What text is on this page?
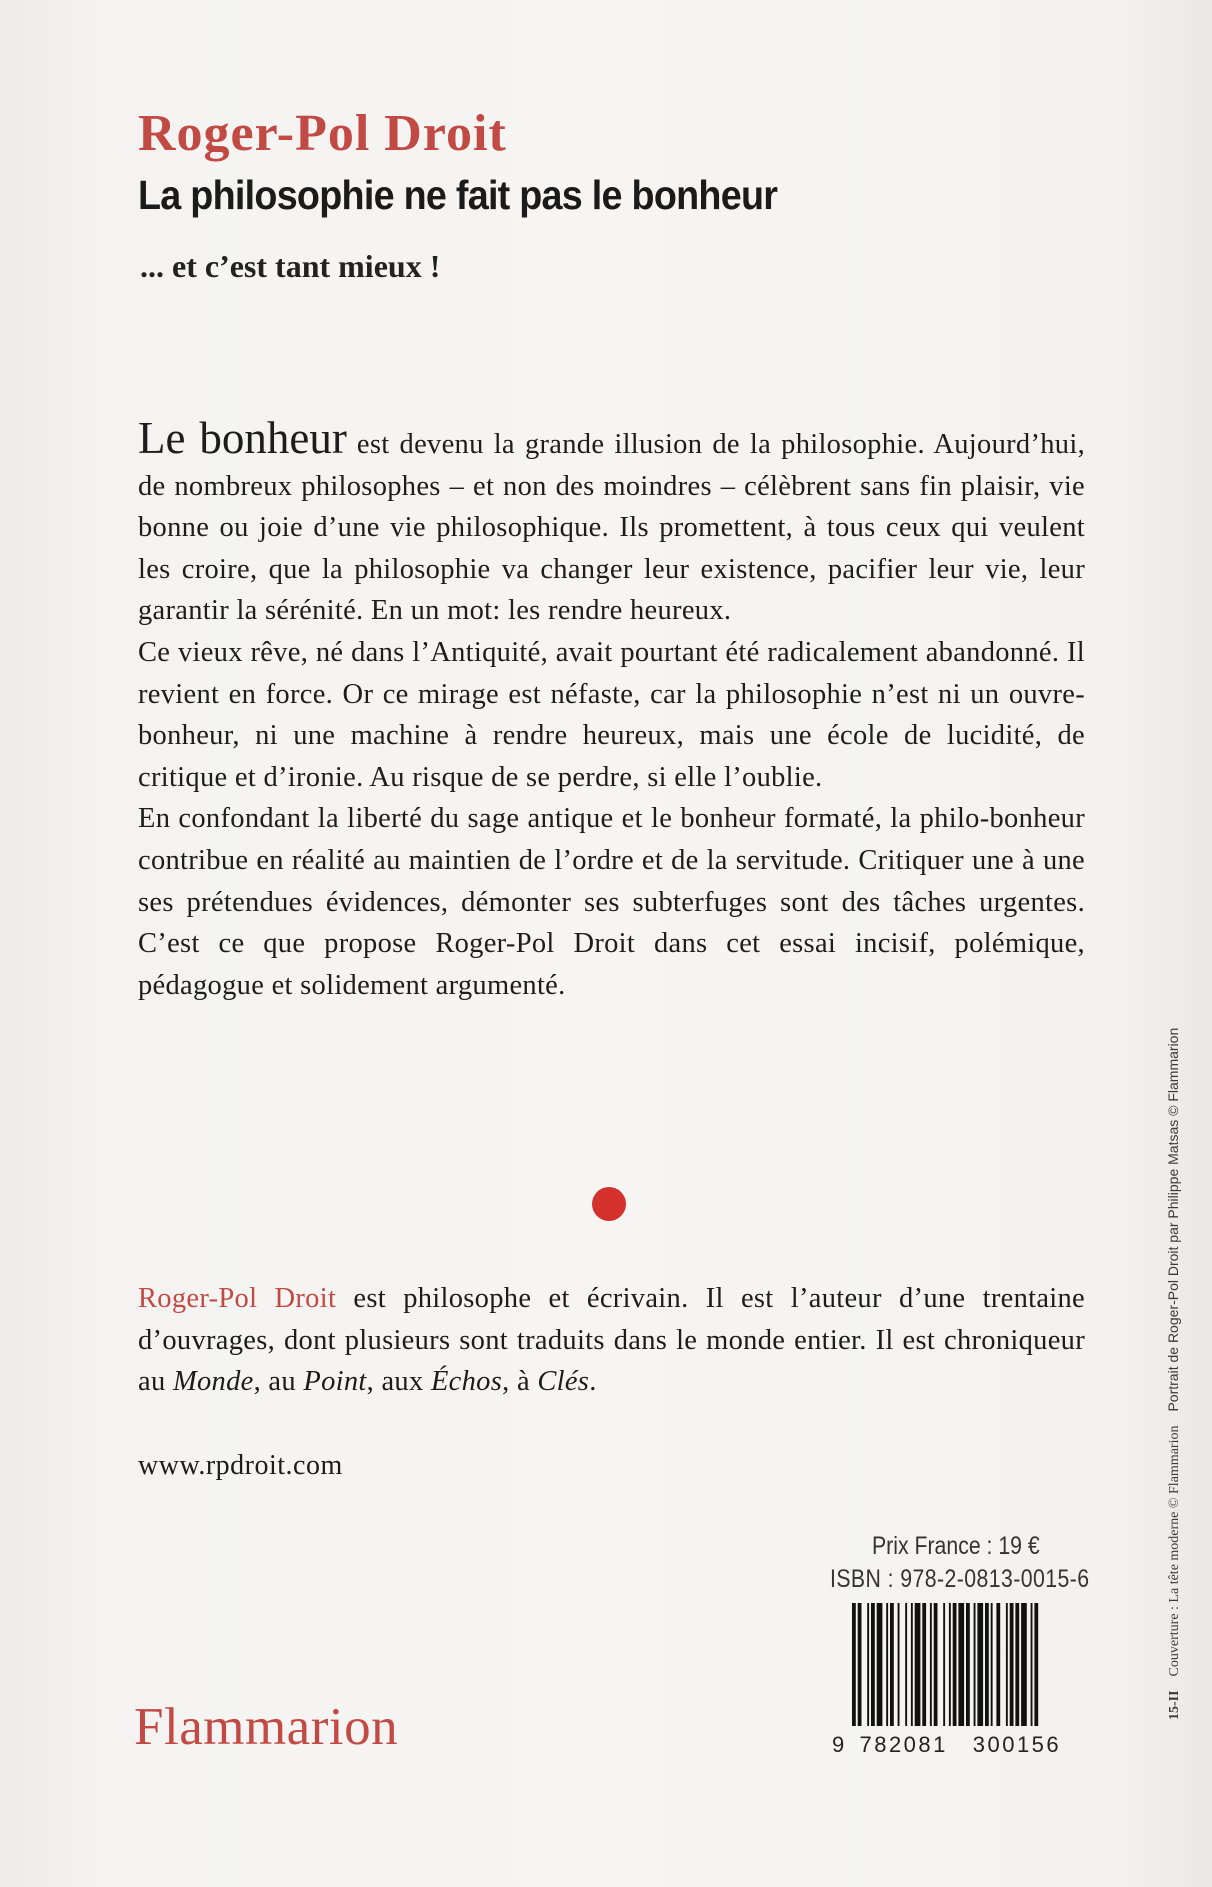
Roger-Pol Droit
La philosophie ne fait pas le bonheur
... et c’est tant mieux !

Le bonheur est devenu la grande illusion de la philosophie. Aujourd’hui, de nombreux philosophes – et non des moindres – célèbrent sans fin plaisir, vie bonne ou joie d’une vie philosophique. Ils promettent, à tous ceux qui veulent les croire, que la philosophie va changer leur existence, pacifier leur vie, leur garantir la sérénité. En un mot: les rendre heureux.

Ce vieux rêve, né dans l’Antiquité, avait pourtant été radicalement abandonné. Il revient en force. Or ce mirage est néfaste, car la philosophie n’est ni un ouvre-bonheur, ni une machine à rendre heureux, mais une école de lucidité, de critique et d’ironie. Au risque de se perdre, si elle l’oublie.

En confondant la liberté du sage antique et le bonheur formaté, la philo-bonheur contribue en réalité au maintien de l’ordre et de la servitude. Critiquer une à une ses prétendues évidences, démonter ses subterfuges sont des tâches urgentes. C’est ce que propose Roger-Pol Droit dans cet essai incisif, polémique, pédagogue et solidement argumenté.

Roger-Pol Droit est philosophe et écrivain. Il est l’auteur d’une trentaine d’ouvrages, dont plusieurs sont traduits dans le monde entier. Il est chroniqueur au Monde, au Point, aux Échos, à Clés.

www.rpdroit.com

Flammarion

Prix France : 19 €

ISBN : 978-2-0813-0015-6

9 782081	300156

15-IICouverture : La tête moderne © FlammarionPortrait de Roger-Pol Droit par Philippe Matsas © Flammarion
